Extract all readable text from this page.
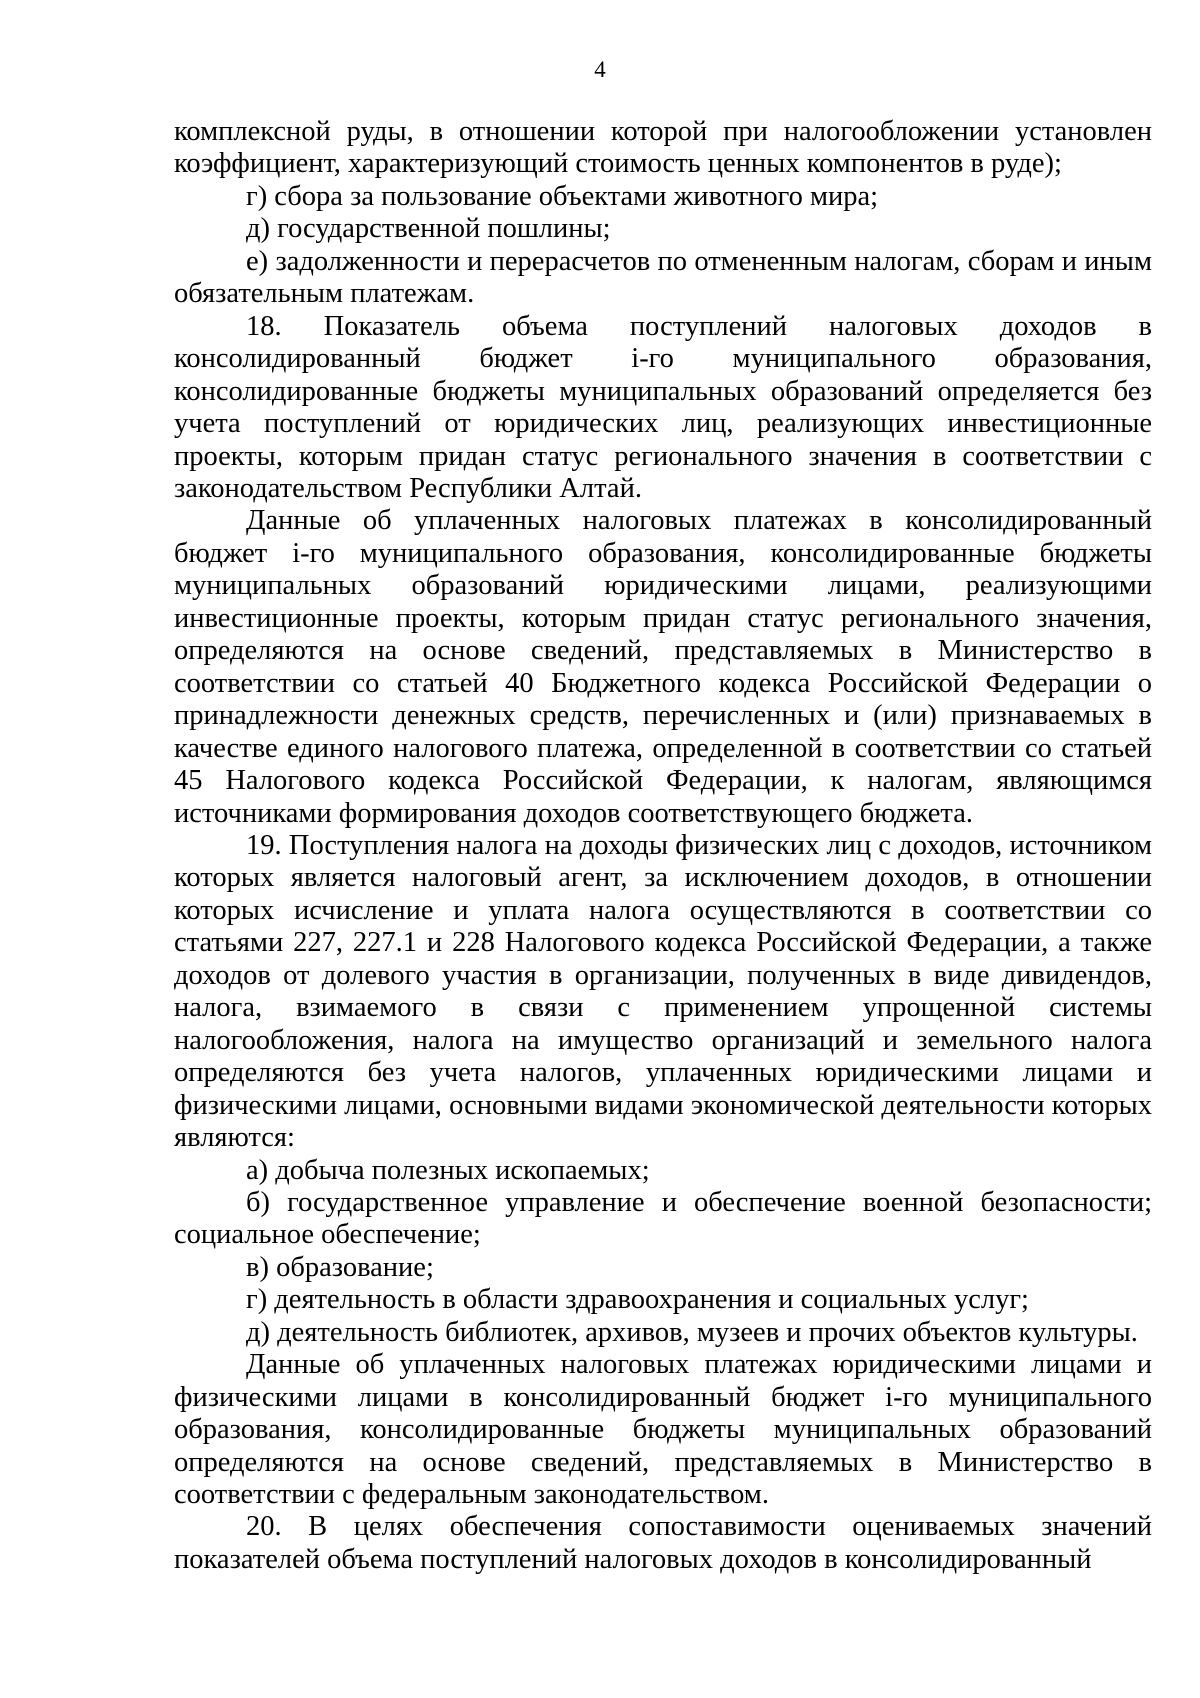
4

комплексной руды, в отношении которой при налогообложении установлен коэффициент, характеризующий стоимость ценных компонентов в руде);

г) сбора за пользование объектами животного мира;

д) государственной пошлины;

е) задолженности и перерасчетов по отмененным налогам, сборам и иным обязательным платежам.

18. Показатель объема поступлений налоговых доходов в консолидированный бюджет i-го муниципального образования, консолидированные бюджеты муниципальных образований определяется без учета поступлений от юридических лиц, реализующих инвестиционные проекты, которым придан статус регионального значения в соответствии с законодательством Республики Алтай.

Данные об уплаченных налоговых платежах в консолидированный бюджет i-го муниципального образования, консолидированные бюджеты муниципальных образований юридическими лицами, реализующими инвестиционные проекты, которым придан статус регионального значения, определяются на основе сведений, представляемых в Министерство в соответствии со статьей 40 Бюджетного кодекса Российской Федерации о принадлежности денежных средств, перечисленных и (или) признаваемых в качестве единого налогового платежа, определенной в соответствии со статьей 45 Налогового кодекса Российской Федерации, к налогам, являющимся источниками формирования доходов соответствующего бюджета.

19. Поступления налога на доходы физических лиц с доходов, источником которых является налоговый агент, за исключением доходов, в отношении которых исчисление и уплата налога осуществляются в соответствии со статьями 227, 227.1 и 228 Налогового кодекса Российской Федерации, а также доходов от долевого участия в организации, полученных в виде дивидендов, налога, взимаемого в связи с применением упрощенной системы налогообложения, налога на имущество организаций и земельного налога определяются без учета налогов, уплаченных юридическими лицами и физическими лицами, основными видами экономической деятельности которых являются:

а) добыча полезных ископаемых;

б) государственное управление и обеспечение военной безопасности; социальное обеспечение;

в) образование;

г) деятельность в области здравоохранения и социальных услуг;

д) деятельность библиотек, архивов, музеев и прочих объектов культуры.

Данные об уплаченных налоговых платежах юридическими лицами и физическими лицами в консолидированный бюджет i-го муниципального образования, консолидированные бюджеты муниципальных образований определяются на основе сведений, представляемых в Министерство в соответствии с федеральным законодательством.

20. В целях обеспечения сопоставимости оцениваемых значений показателей объема поступлений налоговых доходов в консолидированный
